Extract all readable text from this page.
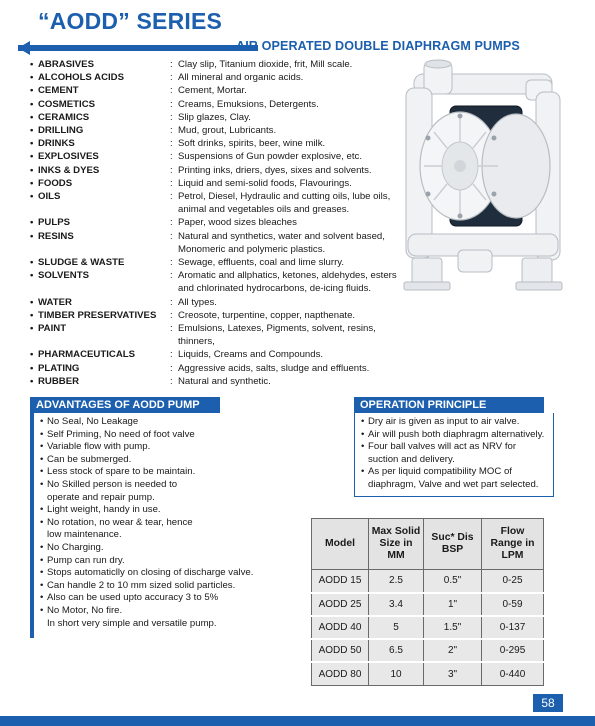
“AODD” SERIES
AIR OPERATED DOUBLE DIAPHRAGM PUMPS
• ABRASIVES	: Clay slip, Titanium dioxide, frit, Mill scale.
• ALCOHOLS ACIDS	: All mineral and organic acids.
• CEMENT	: Cement, Mortar.
• COSMETICS	: Creams, Emuksions, Detergents.
• CERAMICS	: Slip glazes, Clay.
• DRILLING	: Mud, grout, Lubricants.
• DRINKS	: Soft drinks, spirits, beer, wine milk.
• EXPLOSIVES	: Suspensions of Gun powder explosive, etc.
• INKS & DYES	: Printing inks, driers, dyes, sixes and solvents.
• FOODS	: Liquid and semi-solid foods, Flavourings.
• OILS	: Petrol, Diesel, Hydraulic and cutting oils, lube oils, animal and vegetables oils and greases.
• PULPS	: Paper, wood sizes bleaches
• RESINS	: Natural and synthetics, water and solvent based, Monomeric and polymeric plastics.
• SLUDGE & WASTE	: Sewage, effluents, coal and lime slurry.
• SOLVENTS	: Aromatic and allphatics, ketones, aldehydes, esters and chlorinated hydrocarbons, de-icing fluids.
• WATER	: All types.
• TIMBER PRESERVATIVES	: Creosote, turpentine, copper, napthenate.
• PAINT	: Emulsions, Latexes, Pigments, solvent, resins, thinners,
• PHARMACEUTICALS	: Liquids, Creams and Compounds.
• PLATING	: Aggressive acids, salts, sludge and effluents.
• RUBBER	: Natural and synthetic.
ADVANTAGES OF AODD PUMP
• No Seal, No Leakage
• Self Priming, No need of foot valve
• Variable flow with pump.
• Can be submerged.
• Less stock of spare to be maintain.
• No Skilled person is needed to
operate and repair pump.
• Light weight, handy in use.
• No rotation, no wear & tear, hence
low maintenance.
• No Charging.
• Pump can run dry.
• Stops automaticlly on closing of discharge valve.
• Can handle 2 to 10 mm sized solid particles.
• Also can be used upto accuracy 3 to 5%
• No Motor, No fire.
In short very simple and versatile pump.
OPERATION PRINCIPLE
• Dry air is given as input to air valve.
• Air will push both diaphragm alternatively.
• Four ball valves will act as NRV for suction and delivery.
• As per liquid compatibility MOC of diaphragm, Valve and wet part selected.
Model	Max Solid Size in MM	Suc* Dis BSP	Flow Range in LPM
AODD 15	2.5	0.5"	0-25
AODD 25	3.4	1"	0-59
AODD 40	5	1.5"	0-137
AODD 50	6.5	2"	0-295
AODD 80	10	3"	0-440
58
